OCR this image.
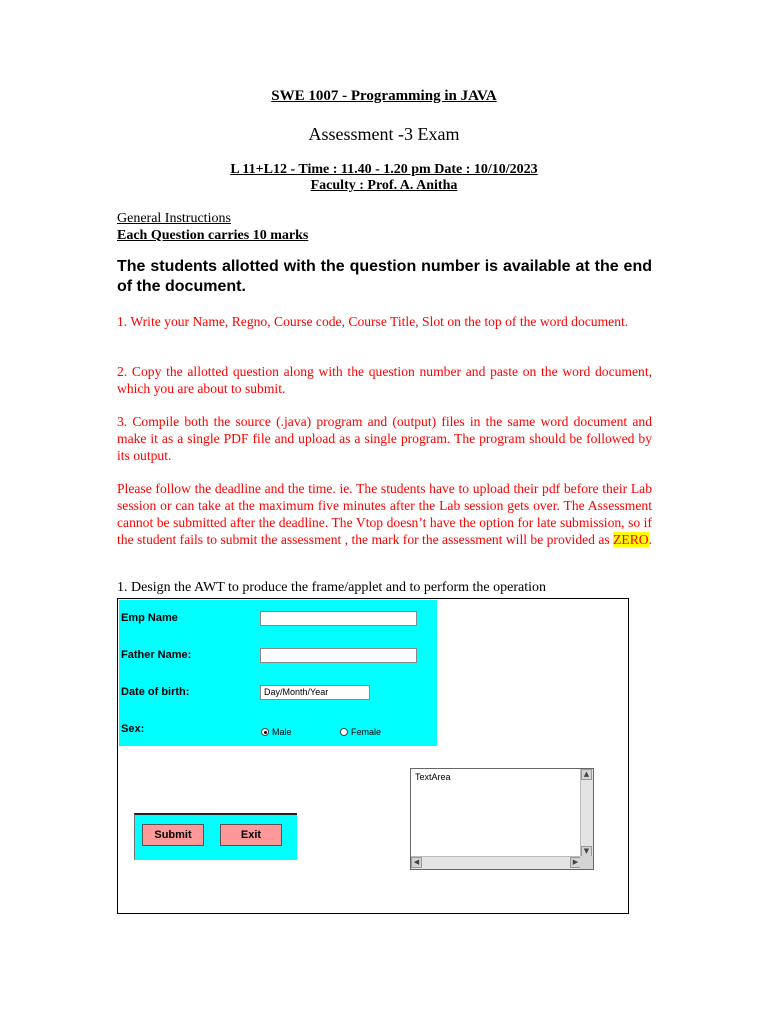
SWE 1007 - Programming in JAVA
Assessment -3 Exam
L 11+L12 - Time : 11.40 - 1.20 pm Date : 10/10/2023
Faculty : Prof. A. Anitha
General Instructions
Each Question carries 10 marks
The students allotted with the question number is available at the end of the document.
1. Write your Name, Regno, Course code, Course Title, Slot on the top of the word document.
2. Copy the allotted question along with the question number and paste on the word document, which you are about to submit.
3. Compile both the source (.java) program and (output) files in the same word document and make it as a single PDF file and upload as a single program. The program should be followed by its output.
Please follow the deadline and the time. ie. The students have to upload their pdf before their Lab session or can take at the maximum five minutes after the Lab session gets over. The Assessment cannot be submitted after the deadline. The Vtop doesn’t have the option for late submission, so if the student fails to submit the assessment , the mark for the assessment will be provided as ZERO.
1. Design the AWT to produce the frame/applet and to perform the operation
Emp Name
Father Name:
Date of birth:	Day/Month/Year
Sex:	Male	Female
TextArea	▲
▼
◀	▶
Submit	Exit
